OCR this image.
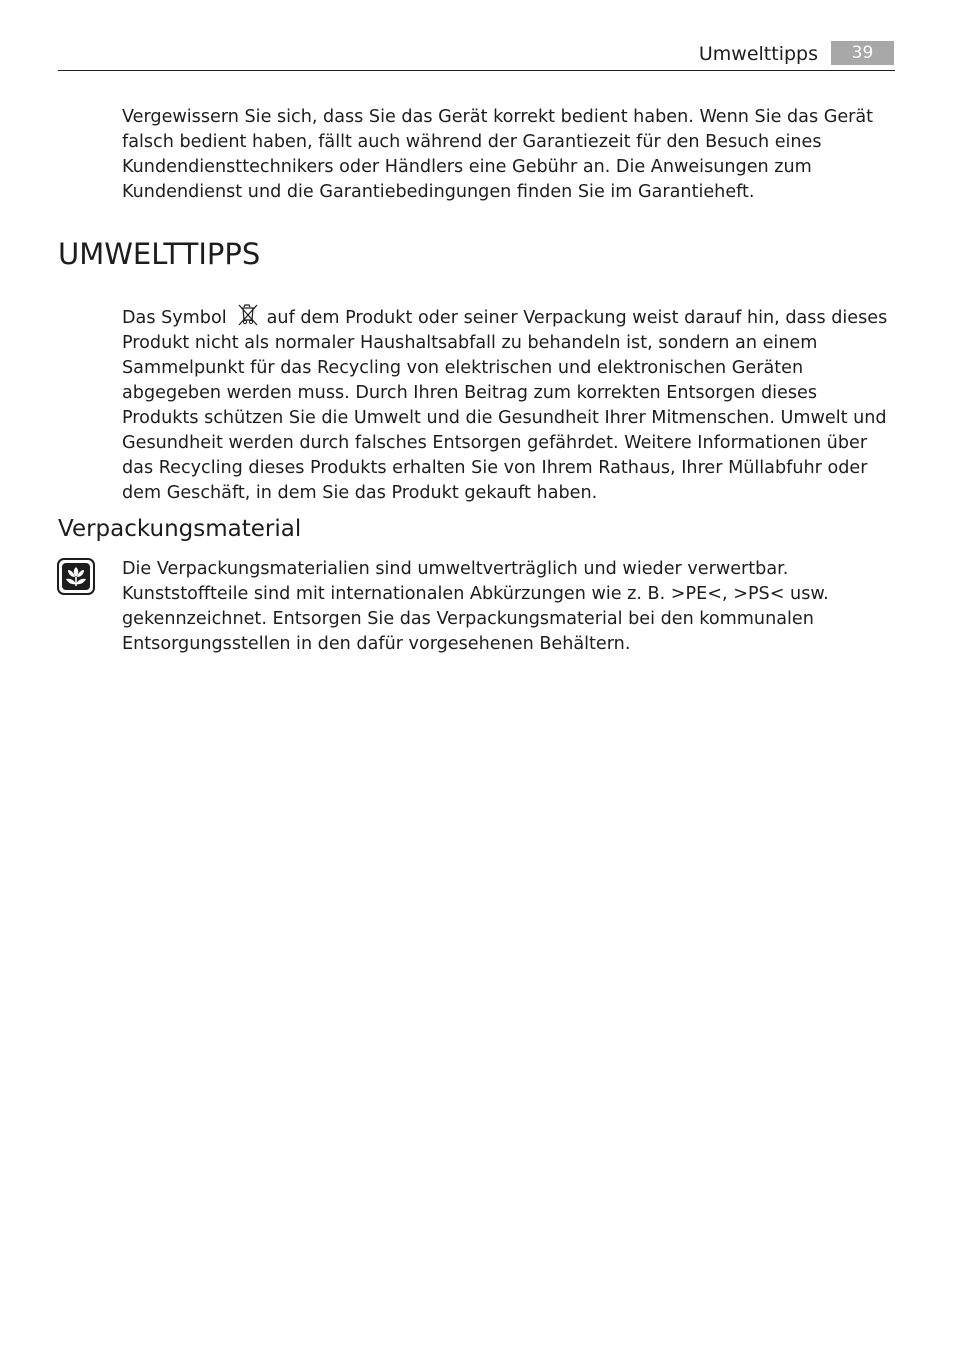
Umwelttipps	39

Vergewissern Sie sich, dass Sie das Gerät korrekt bedient haben. Wenn Sie das Gerät falsch bedient haben, fällt auch während der Garantiezeit für den Besuch eines Kundendiensttechnikers oder Händlers eine Gebühr an. Die Anweisungen zum Kundendienst und die Garantiebedingungen finden Sie im Garantieheft.

UMWELTTIPPS

Das Symbol auf dem Produkt oder seiner Verpackung weist darauf hin, dass dieses Produkt nicht als normaler Haushaltsabfall zu behandeln ist, sondern an einem Sammelpunkt für das Recycling von elektrischen und elektronischen Geräten abgegeben werden muss. Durch Ihren Beitrag zum korrekten Entsorgen dieses Produkts schützen Sie die Umwelt und die Gesundheit Ihrer Mitmenschen. Umwelt und Gesundheit werden durch falsches Entsorgen gefährdet. Weitere Informationen über das Recycling dieses Produkts erhalten Sie von Ihrem Rathaus, Ihrer Müllabfuhr oder dem Geschäft, in dem Sie das Produkt gekauft haben.

Verpackungsmaterial

Die Verpackungsmaterialien sind umweltverträglich und wieder verwertbar. Kunststoffteile sind mit internationalen Abkürzungen wie z. B. >PE<, >PS< usw. gekennzeichnet. Entsorgen Sie das Verpackungsmaterial bei den kommunalen Entsorgungsstellen in den dafür vorgesehenen Behältern.
